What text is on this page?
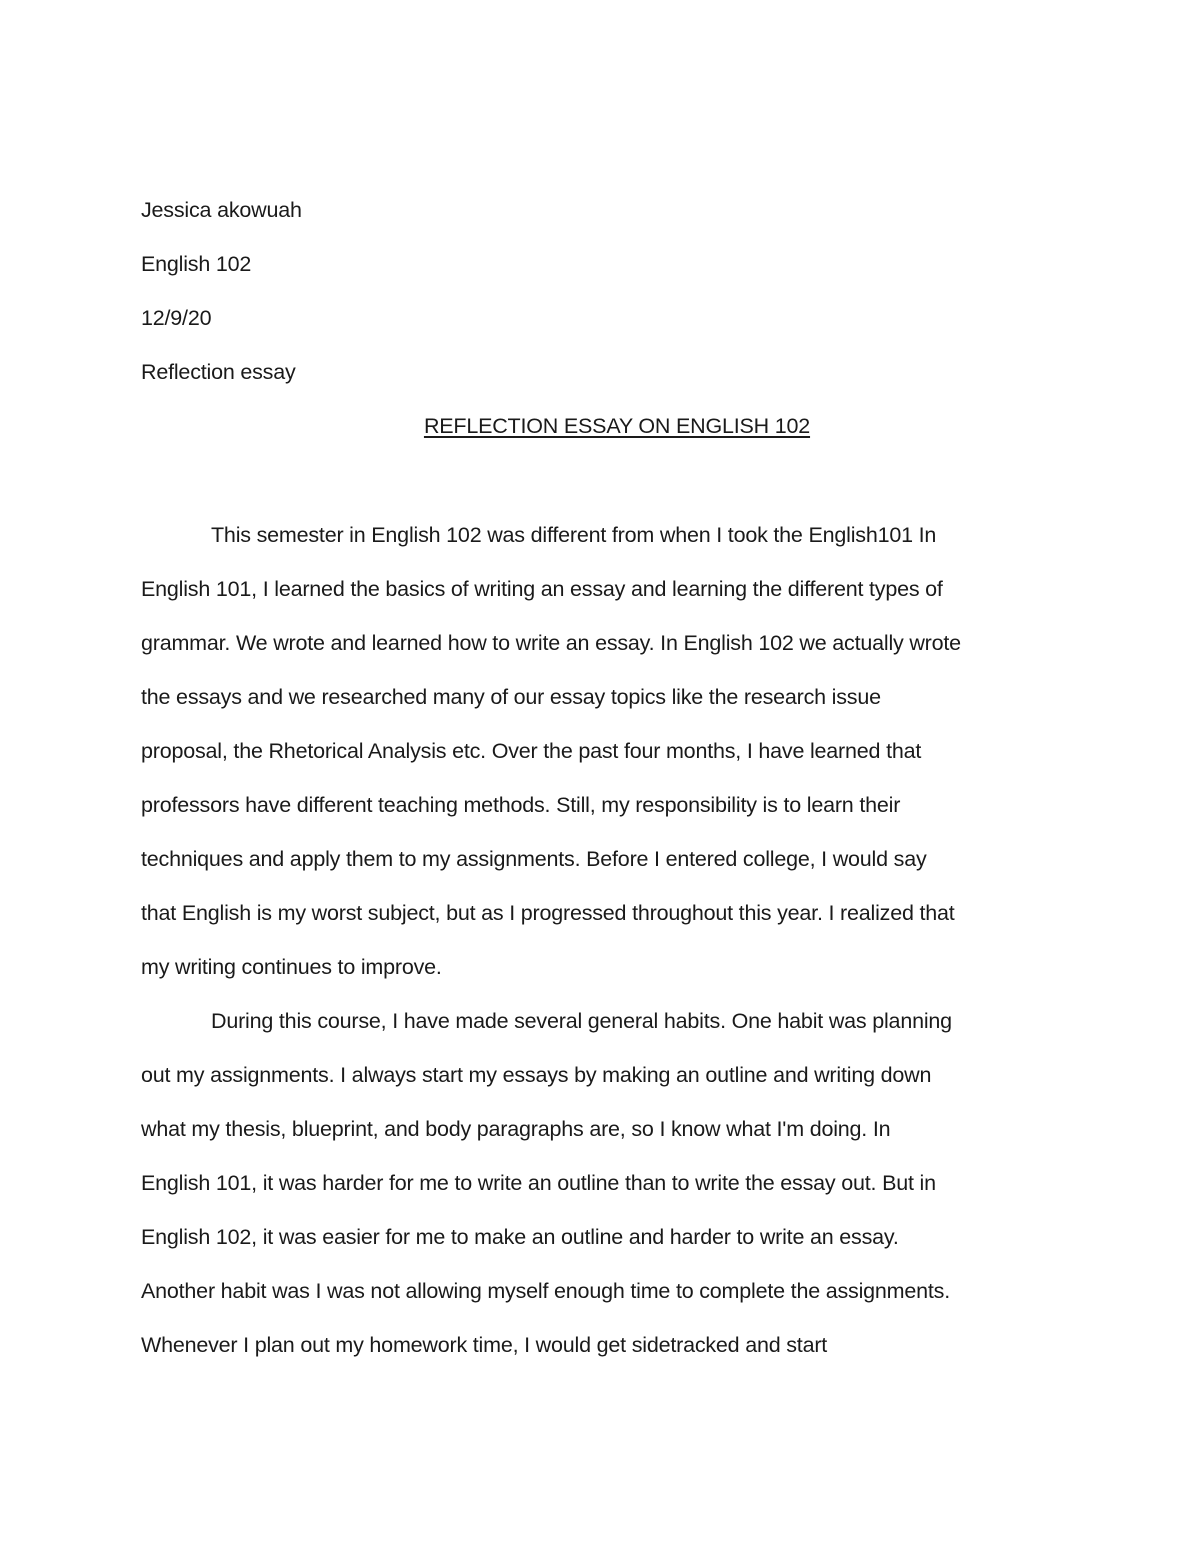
Jessica akowuah
English 102
12/9/20
Reflection essay
REFLECTION ESSAY ON ENGLISH 102
This semester in English 102 was different from when I took the English101 In
English 101, I learned the basics of writing an essay and learning the different types of
grammar. We wrote and learned how to write an essay. In English 102 we actually wrote
the essays and we researched many of our essay topics like the research issue
proposal, the Rhetorical Analysis etc. Over the past four months, I have learned that
professors have different teaching methods. Still, my responsibility is to learn their
techniques and apply them to my assignments. Before I entered college, I would say
that English is my worst subject, but as I progressed throughout this year. I realized that
my writing continues to improve.
During this course, I have made several general habits. One habit was planning
out my assignments. I always start my essays by making an outline and writing down
what my thesis, blueprint, and body paragraphs are, so I know what I'm doing. In
English 101, it was harder for me to write an outline than to write the essay out. But in
English 102, it was easier for me to make an outline and harder to write an essay.
Another habit was I was not allowing myself enough time to complete the assignments.
Whenever I plan out my homework time, I would get sidetracked and start
